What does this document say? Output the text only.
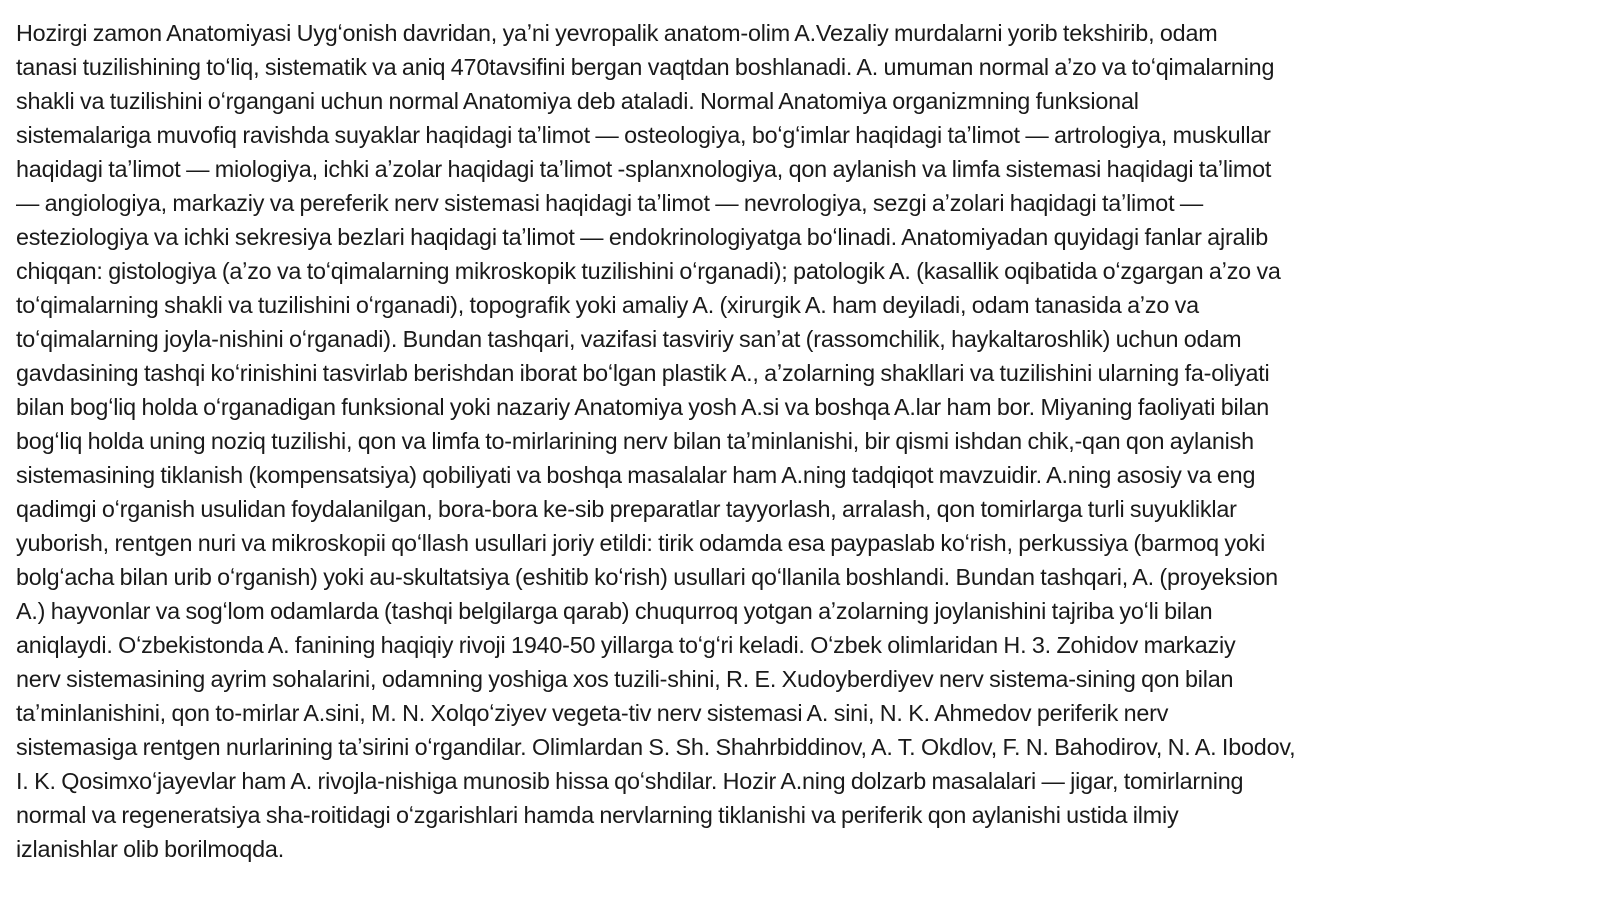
Hozirgi zamon Anatomiyasi Uygʻonish davridan, yaʼni yevropalik anatom-olim A.Vezaliy murdalarni yorib tekshirib, odam
tanasi tuzilishining toʻliq, sistematik va aniq 470tavsifini bergan vaqtdan boshlanadi. A. umuman normal aʼzo va toʻqimalarning
shakli va tuzilishini oʻrgangani uchun normal Anatomiya deb ataladi. Normal Anatomiya organizmning funksional
sistemalariga muvofiq ravishda suyaklar haqidagi taʼlimot — osteologiya, boʻgʻimlar haqidagi taʼlimot — artrologiya, muskullar
haqidagi taʼlimot — miologiya, ichki aʼzolar haqidagi taʼlimot -splanxnologiya, qon aylanish va limfa sistemasi haqidagi taʼlimot
— angiologiya, markaziy va pereferik nerv sistemasi haqidagi taʼlimot — nevrologiya, sezgi aʼzolari haqidagi taʼlimot —
esteziologiya va ichki sekresiya bezlari haqidagi taʼlimot — endokrinologiyatga boʻlinadi. Anatomiyadan quyidagi fanlar ajralib
chiqqan: gistologiya (aʼzo va toʻqimalarning mikroskopik tuzilishini oʻrganadi); patologik A. (kasallik oqibatida oʻzgargan aʼzo va
toʻqimalarning shakli va tuzilishini oʻrganadi), topografik yoki amaliy A. (xirurgik A. ham deyiladi, odam tanasida aʼzo va
toʻqimalarning joyla-nishini oʻrganadi). Bundan tashqari, vazifasi tasviriy sanʼat (rassomchilik, haykaltaroshlik) uchun odam
gavdasining tashqi koʻrinishini tasvirlab berishdan iborat boʻlgan plastik A., aʼzolarning shakllari va tuzilishini ularning fa-oliyati
bilan bogʻliq holda oʻrganadigan funksional yoki nazariy Anatomiya yosh A.si va boshqa A.lar ham bor. Miyaning faoliyati bilan
bogʻliq holda uning noziq tuzilishi, qon va limfa to-mirlarining nerv bilan taʼminlanishi, bir qismi ishdan chik,-qan qon aylanish
sistemasining tiklanish (kompensatsiya) qobiliyati va boshqa masalalar ham A.ning tadqiqot mavzuidir. A.ning asosiy va eng
qadimgi oʻrganish usulidan foydalanilgan, bora-bora ke-sib preparatlar tayyorlash, arralash, qon tomirlarga turli suyukliklar
yuborish, rentgen nuri va mikroskopii qoʻllash usullari joriy etildi: tirik odamda esa paypaslab koʻrish, perkussiya (barmoq yoki
bolgʻacha bilan urib oʻrganish) yoki au-skultatsiya (eshitib koʻrish) usullari qoʻllanila boshlandi. Bundan tashqari, A. (proyeksion
A.) hayvonlar va sogʻlom odamlarda (tashqi belgilarga qarab) chuqurroq yotgan aʼzolarning joylanishini tajriba yoʻli bilan
aniqlaydi. Oʻzbekistonda A. fanining haqiqiy rivoji 1940-50 yillarga toʻgʻri keladi. Oʻzbek olimlaridan H. 3. Zohidov markaziy
nerv sistemasining ayrim sohalarini, odamning yoshiga xos tuzili-shini, R. E. Xudoyberdiyev nerv sistema-sining qon bilan
taʼminlanishini, qon to-mirlar A.sini, M. N. Xolqoʻziyev vegeta-tiv nerv sistemasi A. sini, N. K. Ahmedov periferik nerv
sistemasiga rentgen nurlarining taʼsirini oʻrgandilar. Olimlardan S. Sh. Shahrbiddinov, A. T. Okdlov, F. N. Bahodirov, N. A. Ibodov,
I. K. Qosimxoʻjayevlar ham A. rivojla-nishiga munosib hissa qoʻshdilar. Hozir A.ning dolzarb masalalari — jigar, tomirlarning
normal va regeneratsiya sha-roitidagi oʻzgarishlari hamda nervlarning tiklanishi va periferik qon aylanishi ustida ilmiy
izlanishlar olib borilmoqda.
